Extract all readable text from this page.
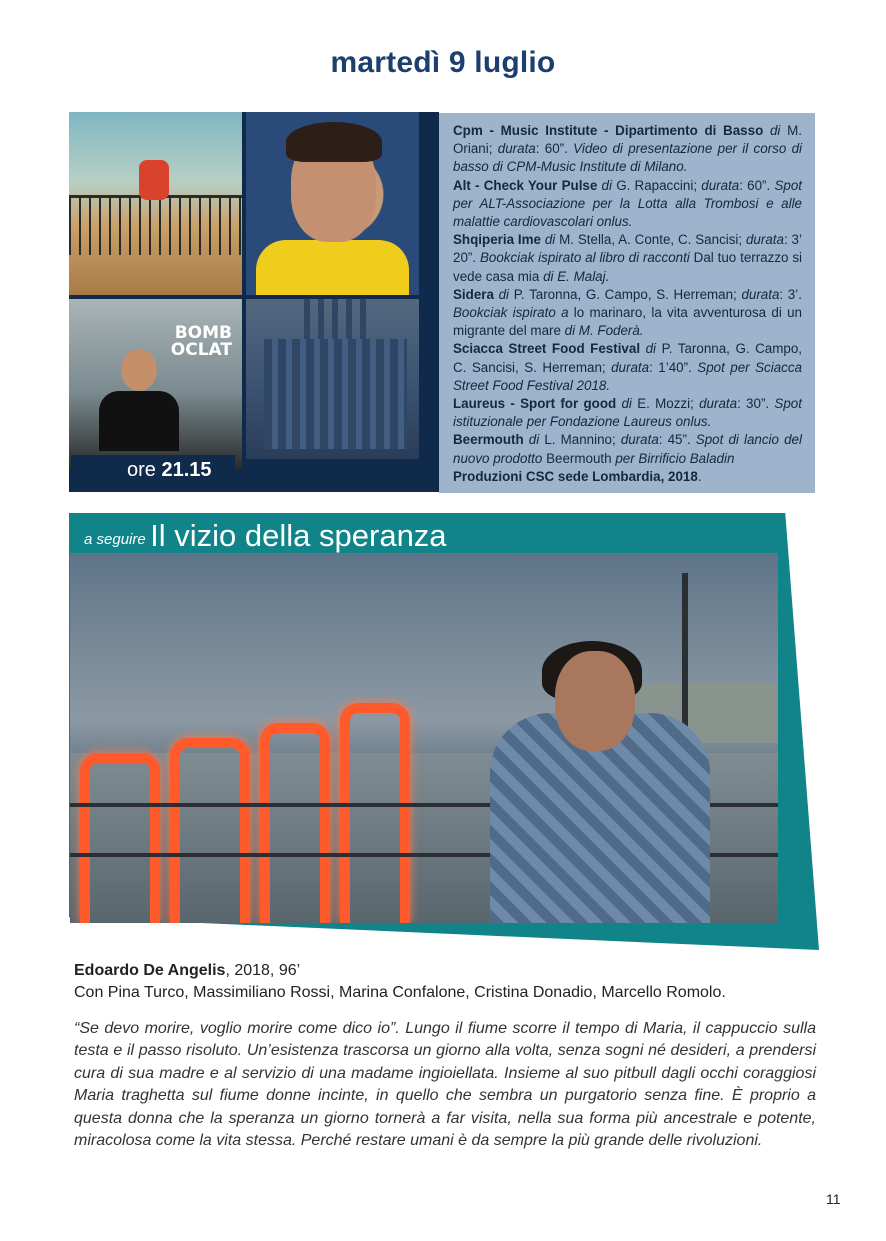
martedì 9 luglio
BOMB
OCLAT
ore 21.15

Cpm - Music Institute - Dipartimento di Basso di M. Oriani; durata: 60”. Video di presentazione per il corso di basso di CPM-Music Institute di Milano.

Alt - Check Your Pulse di G. Rapaccini; durata: 60”. Spot per ALT-Associazione per la Lotta alla Trombosi e alle malattie cardiovascolari onlus.

Shqiperia Ime di M. Stella, A. Conte, C. Sancisi; durata: 3’ 20”. Bookciak ispirato al libro di racconti Dal tuo terrazzo si vede casa mia di E. Malaj.

Sidera di P. Taronna, G. Campo, S. Herreman; durata: 3’. Bookciak ispirato a lo marinaro, la vita avventurosa di un migrante del mare di M. Foderà.

Sciacca Street Food Festival di P. Taronna, G. Campo, C. Sancisi, S. Herreman; durata: 1’40”. Spot per Sciacca Street Food Festival 2018.

Laureus - Sport for good di E. Mozzi; durata: 30”. Spot istituzionale per Fondazione Laureus onlus.

Beermouth di L. Mannino; durata: 45”. Spot di lancio del nuovo prodotto Beermouth per Birrificio Baladin

Produzioni CSC sede Lombardia, 2018.

a seguire Il vizio della speranza
Edoardo De Angelis, 2018, 96’
Con Pina Turco, Massimiliano Rossi, Marina Confalone, Cristina Donadio, Marcello Romolo.

“Se devo morire, voglio morire come dico io”. Lungo il fiume scorre il tempo di Maria, il cappuccio sulla testa e il passo risoluto. Un’esistenza trascorsa un giorno alla volta, senza sogni né desideri, a prendersi cura di sua madre e al servizio di una madame ingioiellata. Insieme al suo pitbull dagli occhi coraggiosi Maria traghetta sul fiume donne incinte, in quello che sembra un purgatorio senza fine. È proprio a questa donna che la speranza un giorno tornerà a far visita, nella sua forma più ancestrale e potente, miracolosa come la vita stessa. Perché restare umani è da sempre la più grande delle rivoluzioni.

11
